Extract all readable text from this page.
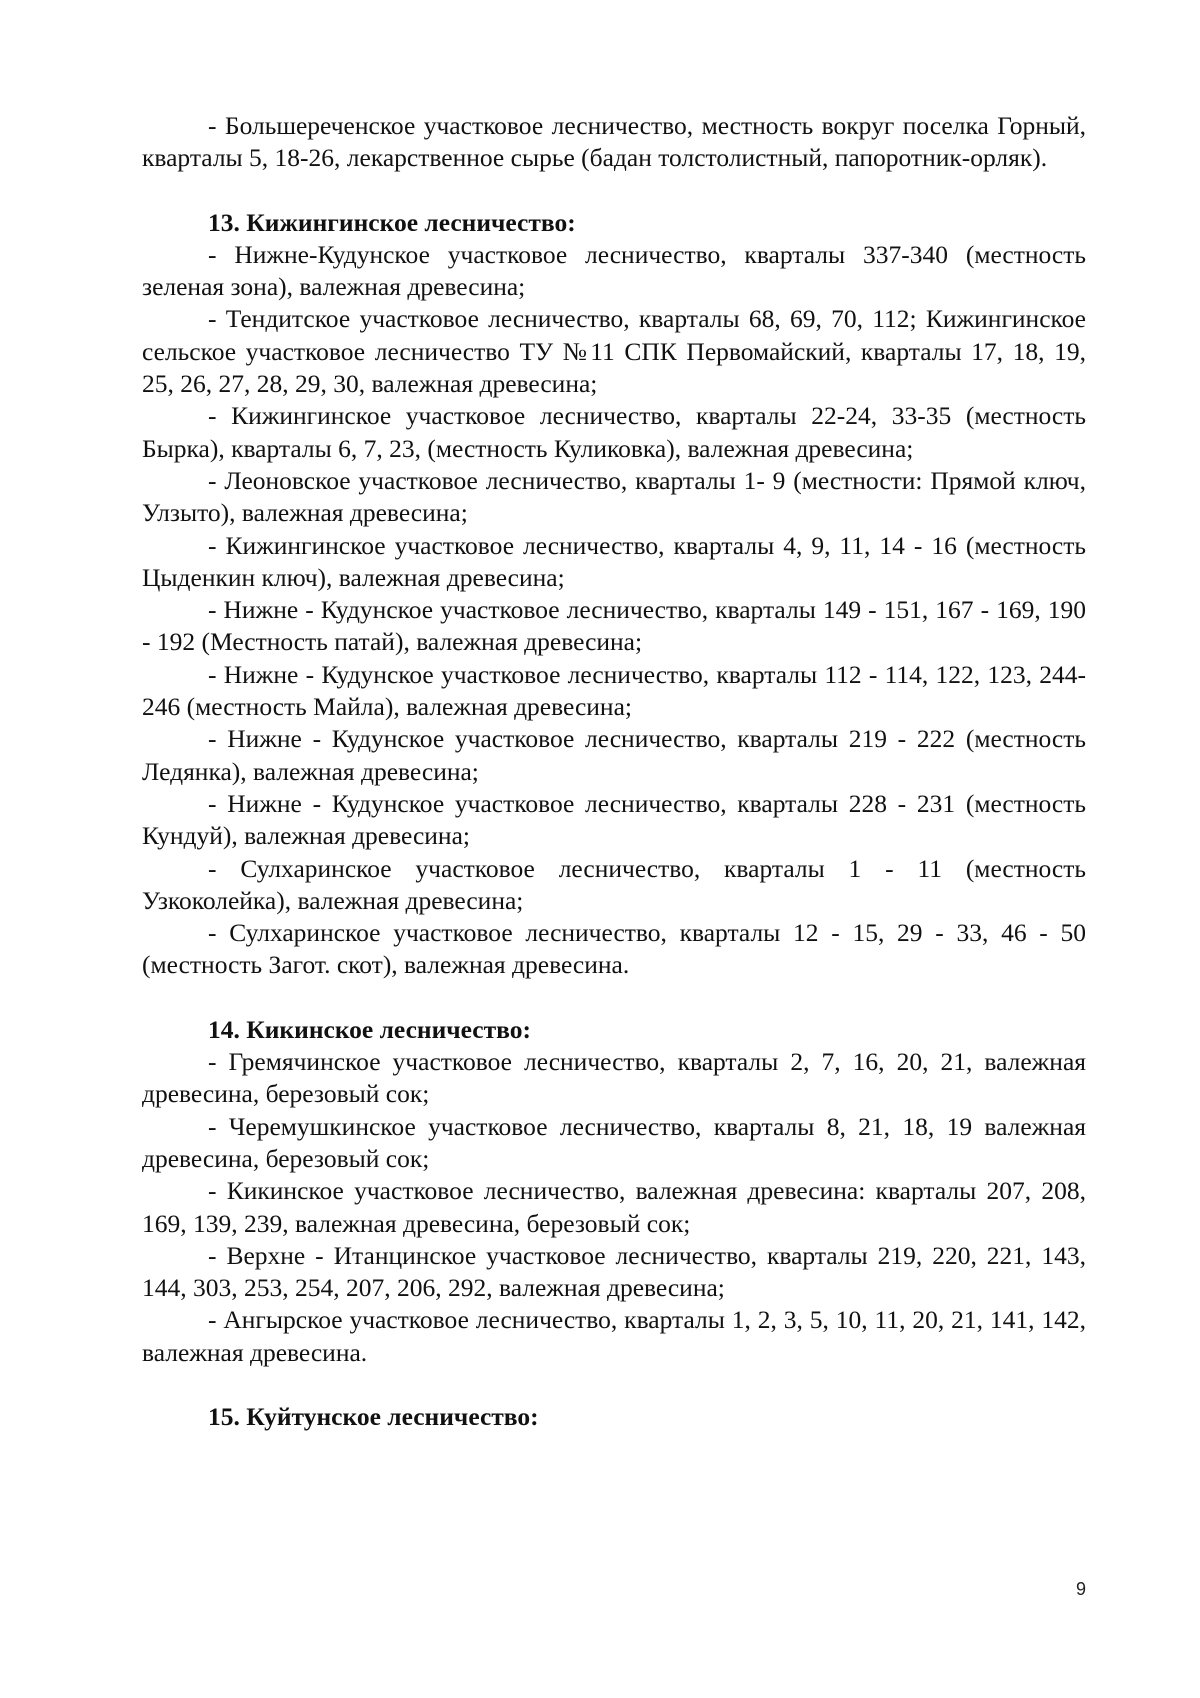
- Большереченское участковое лесничество, местность вокруг поселка Горный, кварталы 5, 18-26, лекарственное сырье (бадан толстолистный, папоротник-орляк).

13. Кижингинское лесничество:

- Нижне-Кудунское участковое лесничество, кварталы 337-340 (местность зеленая зона), валежная древесина;

- Тендитское участковое лесничество, кварталы 68, 69, 70, 112; Кижингинское сельское участковое лесничество ТУ №11 СПК Первомайский, кварталы 17, 18, 19, 25, 26, 27, 28, 29, 30, валежная древесина;

- Кижингинское участковое лесничество, кварталы 22-24, 33-35 (местность Бырка), кварталы 6, 7, 23, (местность Куликовка), валежная древесина;

- Леоновское участковое лесничество, кварталы 1- 9 (местности: Прямой ключ, Улзыто), валежная древесина;

- Кижингинское участковое лесничество, кварталы 4, 9, 11, 14 - 16 (местность Цыденкин ключ), валежная древесина;

- Нижне - Кудунское участковое лесничество, кварталы 149 - 151, 167 - 169, 190 - 192 (Местность патай), валежная древесина;

- Нижне - Кудунское участковое лесничество, кварталы 112 - 114, 122, 123, 244-246 (местность Майла), валежная древесина;

- Нижне - Кудунское участковое лесничество, кварталы 219 - 222 (местность Ледянка), валежная древесина;

- Нижне - Кудунское участковое лесничество, кварталы 228 - 231 (местность Кундуй), валежная древесина;

- Сулхаринское участковое лесничество, кварталы 1 - 11 (местность Узкоколейка), валежная древесина;

- Сулхаринское участковое лесничество, кварталы 12 - 15, 29 - 33, 46 - 50 (местность Загот. скот), валежная древесина.

14. Кикинское лесничество:

- Гремячинское участковое лесничество, кварталы 2, 7, 16, 20, 21, валежная древесина, березовый сок;

- Черемушкинское участковое лесничество, кварталы 8, 21, 18, 19 валежная древесина, березовый сок;

- Кикинское участковое лесничество, валежная древесина: кварталы 207, 208, 169, 139, 239, валежная древесина, березовый сок;

- Верхне - Итанцинское участковое лесничество, кварталы 219, 220, 221, 143, 144, 303, 253, 254, 207, 206, 292, валежная древесина;

- Ангырское участковое лесничество, кварталы 1, 2, 3, 5, 10, 11, 20, 21, 141, 142, валежная древесина.

15. Куйтунское лесничество:

9
